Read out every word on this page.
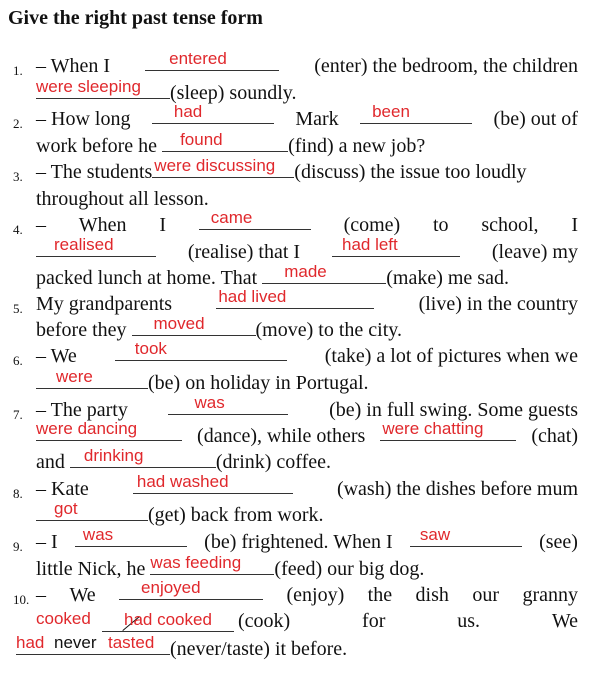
Give the right past tense form
1. – When I	entered	(enter) the bedroom, the children
were sleeping (sleep) soundly.
2. – How long	had	Mark been	(be) out of
work before he found	(find) a new job?
3. – The students were discussing (discuss) the issue too loudly
throughout all lesson.
4. – When I	came	(come) to school, I
realised	(realise) that I had left	(leave) my
packed lunch at home. That made	(make) me sad.
5. My grandparents	had lived	(live) in the country
before they moved	(move) to the city.
6. – We	took	(take) a lot of pictures when we
were	(be) on holiday in Portugal.
7. – The party	was	(be) in full swing. Some guests
were dancing	(dance), while others were chatting (chat)
and drinking	(drink) coffee.
8. – Kate	had washed	(wash) the dishes before mum
got	(get) back from work.
9. – I was	(be) frightened. When I saw	(see)
little Nick, he was feeding (feed) our big dog.
10. – We	enjoyed	(enjoy) the dish our granny
cooked had cooked (cook)	for	us.	We
had never tasted (never/taste) it before.
